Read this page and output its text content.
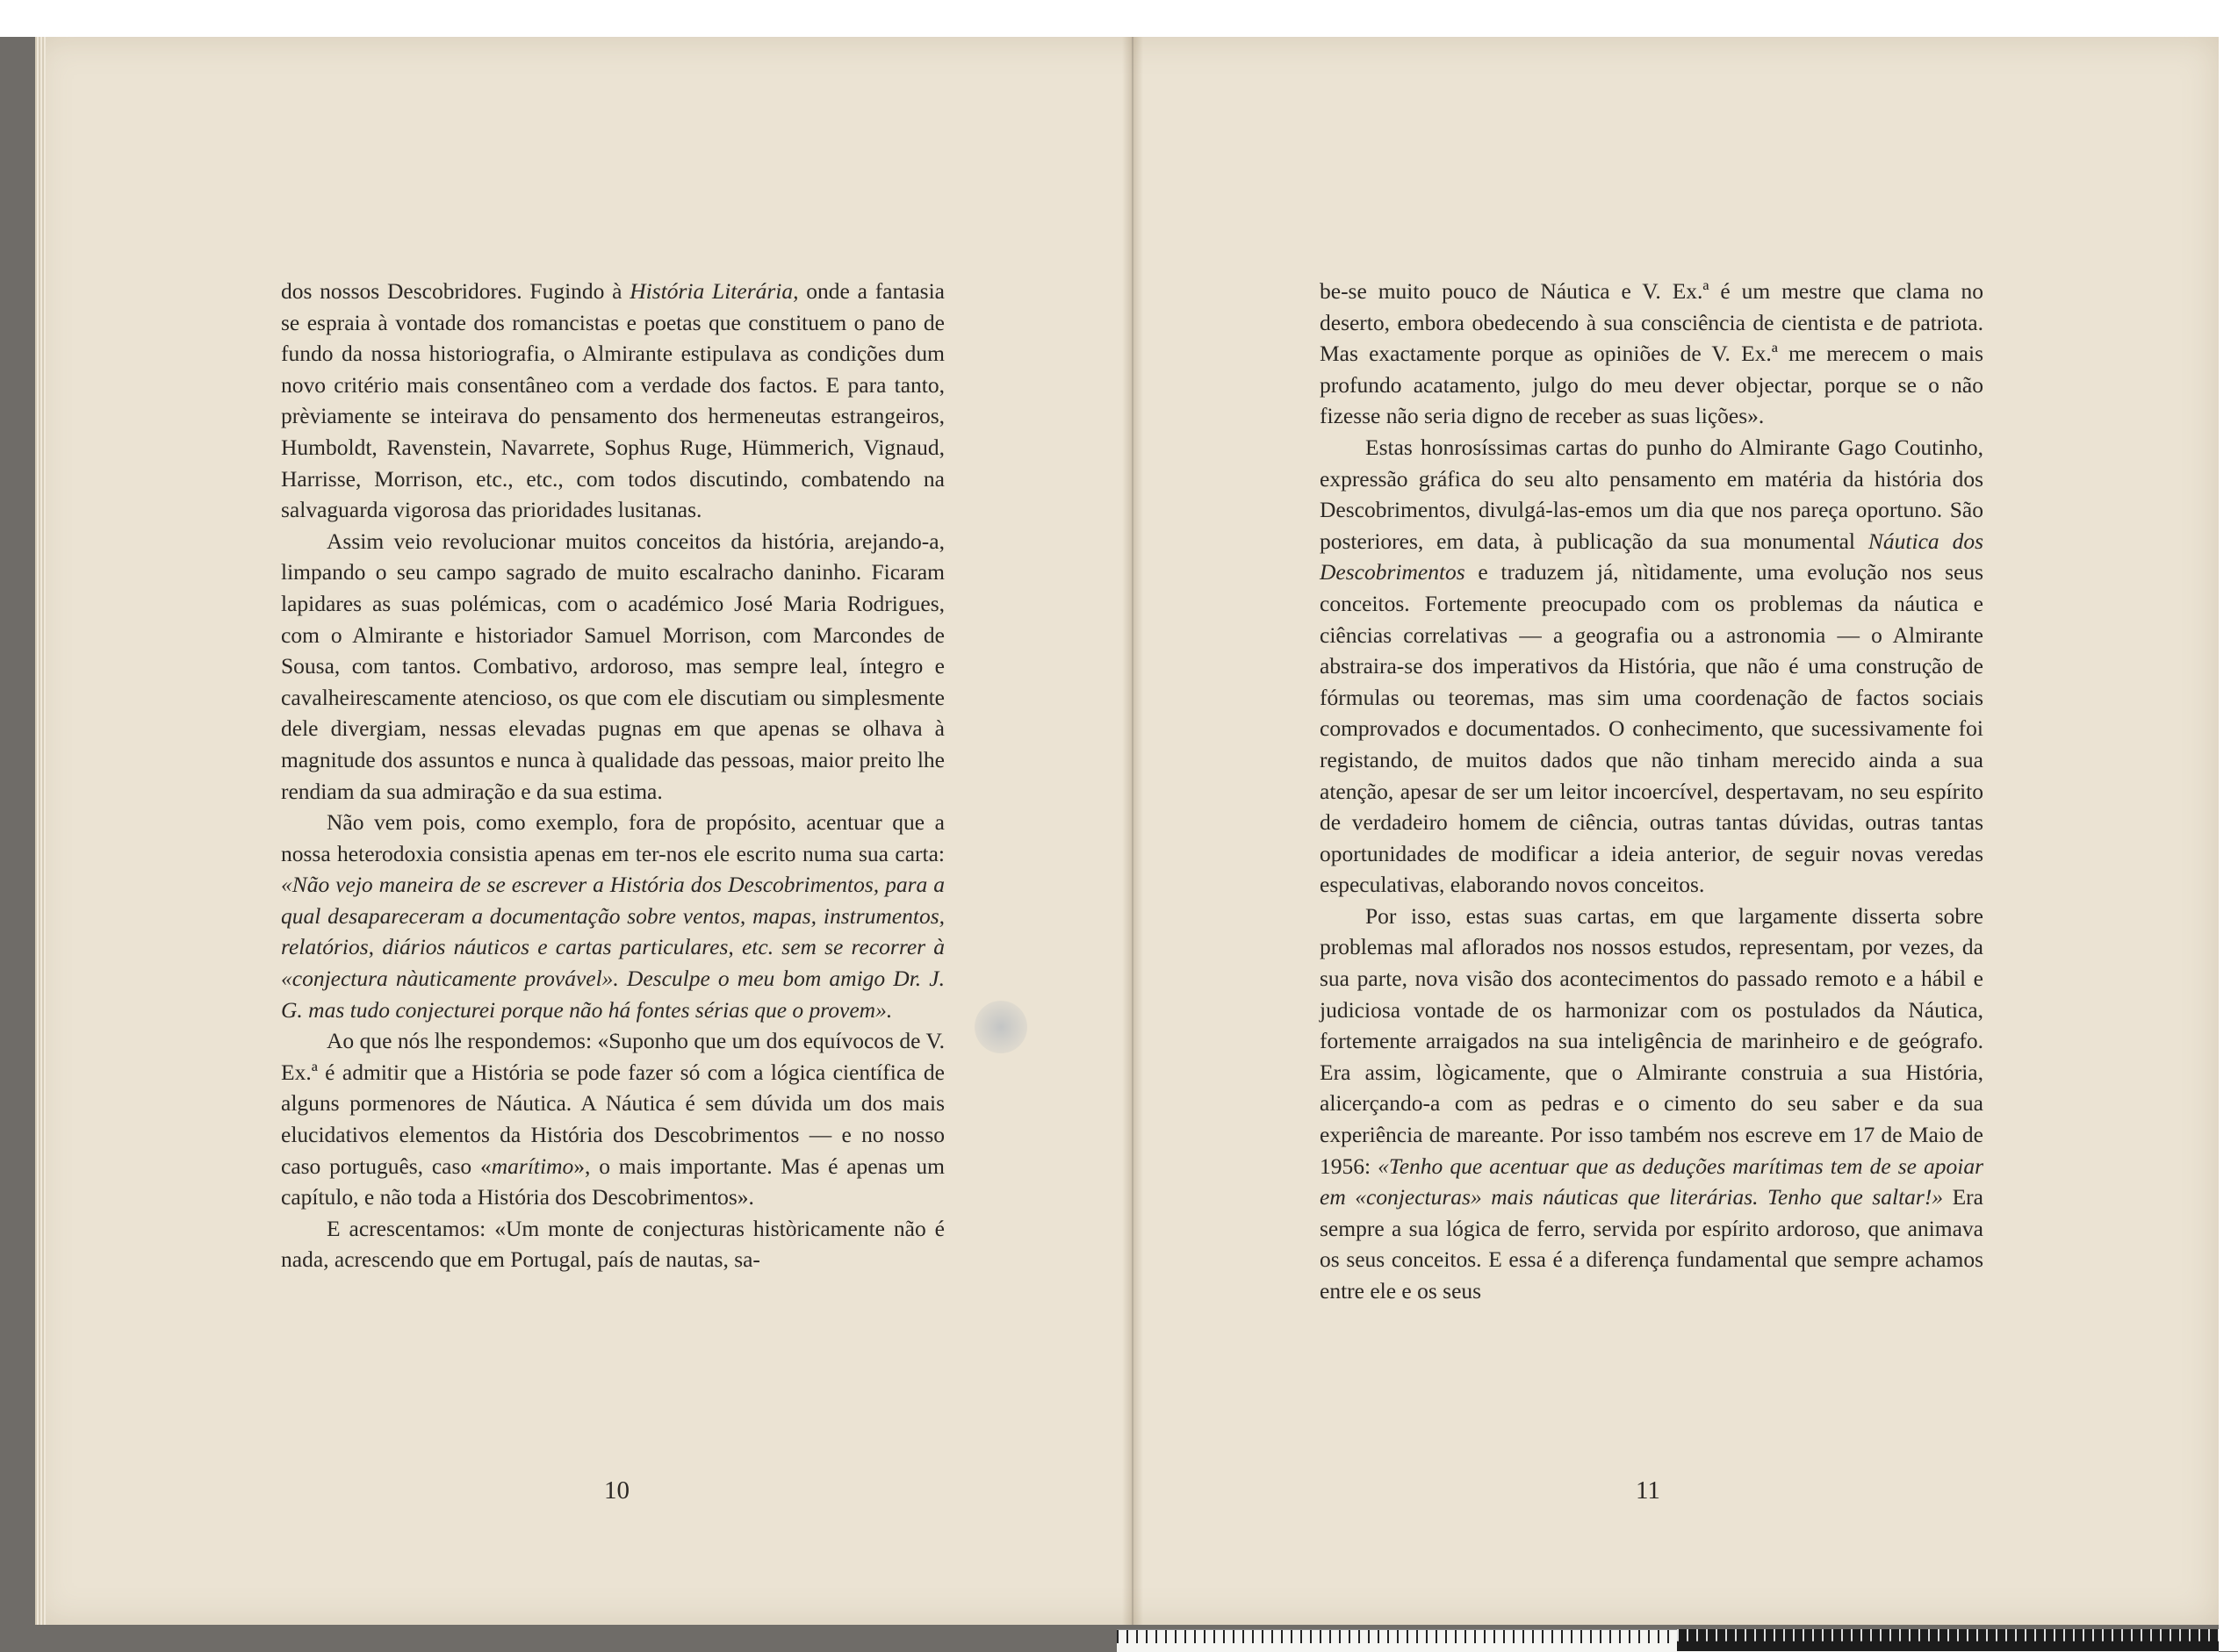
dos nossos Descobridores. Fugindo à História Literária, onde a fantasia se espraia à vontade dos romancistas e poetas que constituem o pano de fundo da nossa historiografia, o Almirante estipulava as condições dum novo critério mais consentâneo com a verdade dos factos. E para tanto, prèviamente se inteirava do pensamento dos hermeneutas estrangeiros, Humboldt, Ravenstein, Navarrete, Sophus Ruge, Hümmerich, Vignaud, Harrisse, Morrison, etc., etc., com todos discutindo, combatendo na salvaguarda vigorosa das prioridades lusitanas.

Assim veio revolucionar muitos conceitos da história, arejando-a, limpando o seu campo sagrado de muito escalracho daninho. Ficaram lapidares as suas polémicas, com o académico José Maria Rodrigues, com o Almirante e historiador Samuel Morrison, com Marcondes de Sousa, com tantos. Combativo, ardoroso, mas sempre leal, íntegro e cavalheirescamente atencioso, os que com ele discutiam ou simplesmente dele divergiam, nessas elevadas pugnas em que apenas se olhava à magnitude dos assuntos e nunca à qualidade das pessoas, maior preito lhe rendiam da sua admiração e da sua estima.

Não vem pois, como exemplo, fora de propósito, acentuar que a nossa heterodoxia consistia apenas em ter-nos ele escrito numa sua carta: «Não vejo maneira de se escrever a História dos Descobrimentos, para a qual desapareceram a documentação sobre ventos, mapas, instrumentos, relatórios, diários náuticos e cartas particulares, etc. sem se recorrer à «conjectura nàuticamente provável». Desculpe o meu bom amigo Dr. J. G. mas tudo conjecturei porque não há fontes sérias que o provem».

Ao que nós lhe respondemos: «Suponho que um dos equívocos de V. Ex.ª é admitir que a História se pode fazer só com a lógica científica de alguns pormenores de Náutica. A Náutica é sem dúvida um dos mais elucidativos elementos da História dos Descobrimentos — e no nosso caso português, caso «marítimo», o mais importante. Mas é apenas um capítulo, e não toda a História dos Descobrimentos».

E acrescentamos: «Um monte de conjecturas històricamente não é nada, acrescendo que em Portugal, país de nautas, sa-

10

be-se muito pouco de Náutica e V. Ex.ª é um mestre que clama no deserto, embora obedecendo à sua consciência de cientista e de patriota. Mas exactamente porque as opiniões de V. Ex.ª me merecem o mais profundo acatamento, julgo do meu dever objectar, porque se o não fizesse não seria digno de receber as suas lições».

Estas honrosíssimas cartas do punho do Almirante Gago Coutinho, expressão gráfica do seu alto pensamento em matéria da história dos Descobrimentos, divulgá-las-emos um dia que nos pareça oportuno. São posteriores, em data, à publicação da sua monumental Náutica dos Descobrimentos e traduzem já, nìtidamente, uma evolução nos seus conceitos. Fortemente preocupado com os problemas da náutica e ciências correlativas — a geografia ou a astronomia — o Almirante abstraira-se dos imperativos da História, que não é uma construção de fórmulas ou teoremas, mas sim uma coordenação de factos sociais comprovados e documentados. O conhecimento, que sucessivamente foi registando, de muitos dados que não tinham merecido ainda a sua atenção, apesar de ser um leitor incoercível, despertavam, no seu espírito de verdadeiro homem de ciência, outras tantas dúvidas, outras tantas oportunidades de modificar a ideia anterior, de seguir novas veredas especulativas, elaborando novos conceitos.

Por isso, estas suas cartas, em que largamente disserta sobre problemas mal aflorados nos nossos estudos, representam, por vezes, da sua parte, nova visão dos acontecimentos do passado remoto e a hábil e judiciosa vontade de os harmonizar com os postulados da Náutica, fortemente arraigados na sua inteligência de marinheiro e de geógrafo. Era assim, lògicamente, que o Almirante construia a sua História, alicerçando-a com as pedras e o cimento do seu saber e da sua experiência de mareante. Por isso também nos escreve em 17 de Maio de 1956: «Tenho que acentuar que as deduções marítimas tem de se apoiar em «conjecturas» mais náuticas que literárias. Tenho que saltar!» Era sempre a sua lógica de ferro, servida por espírito ardoroso, que animava os seus conceitos. E essa é a diferença fundamental que sempre achamos entre ele e os seus

11
